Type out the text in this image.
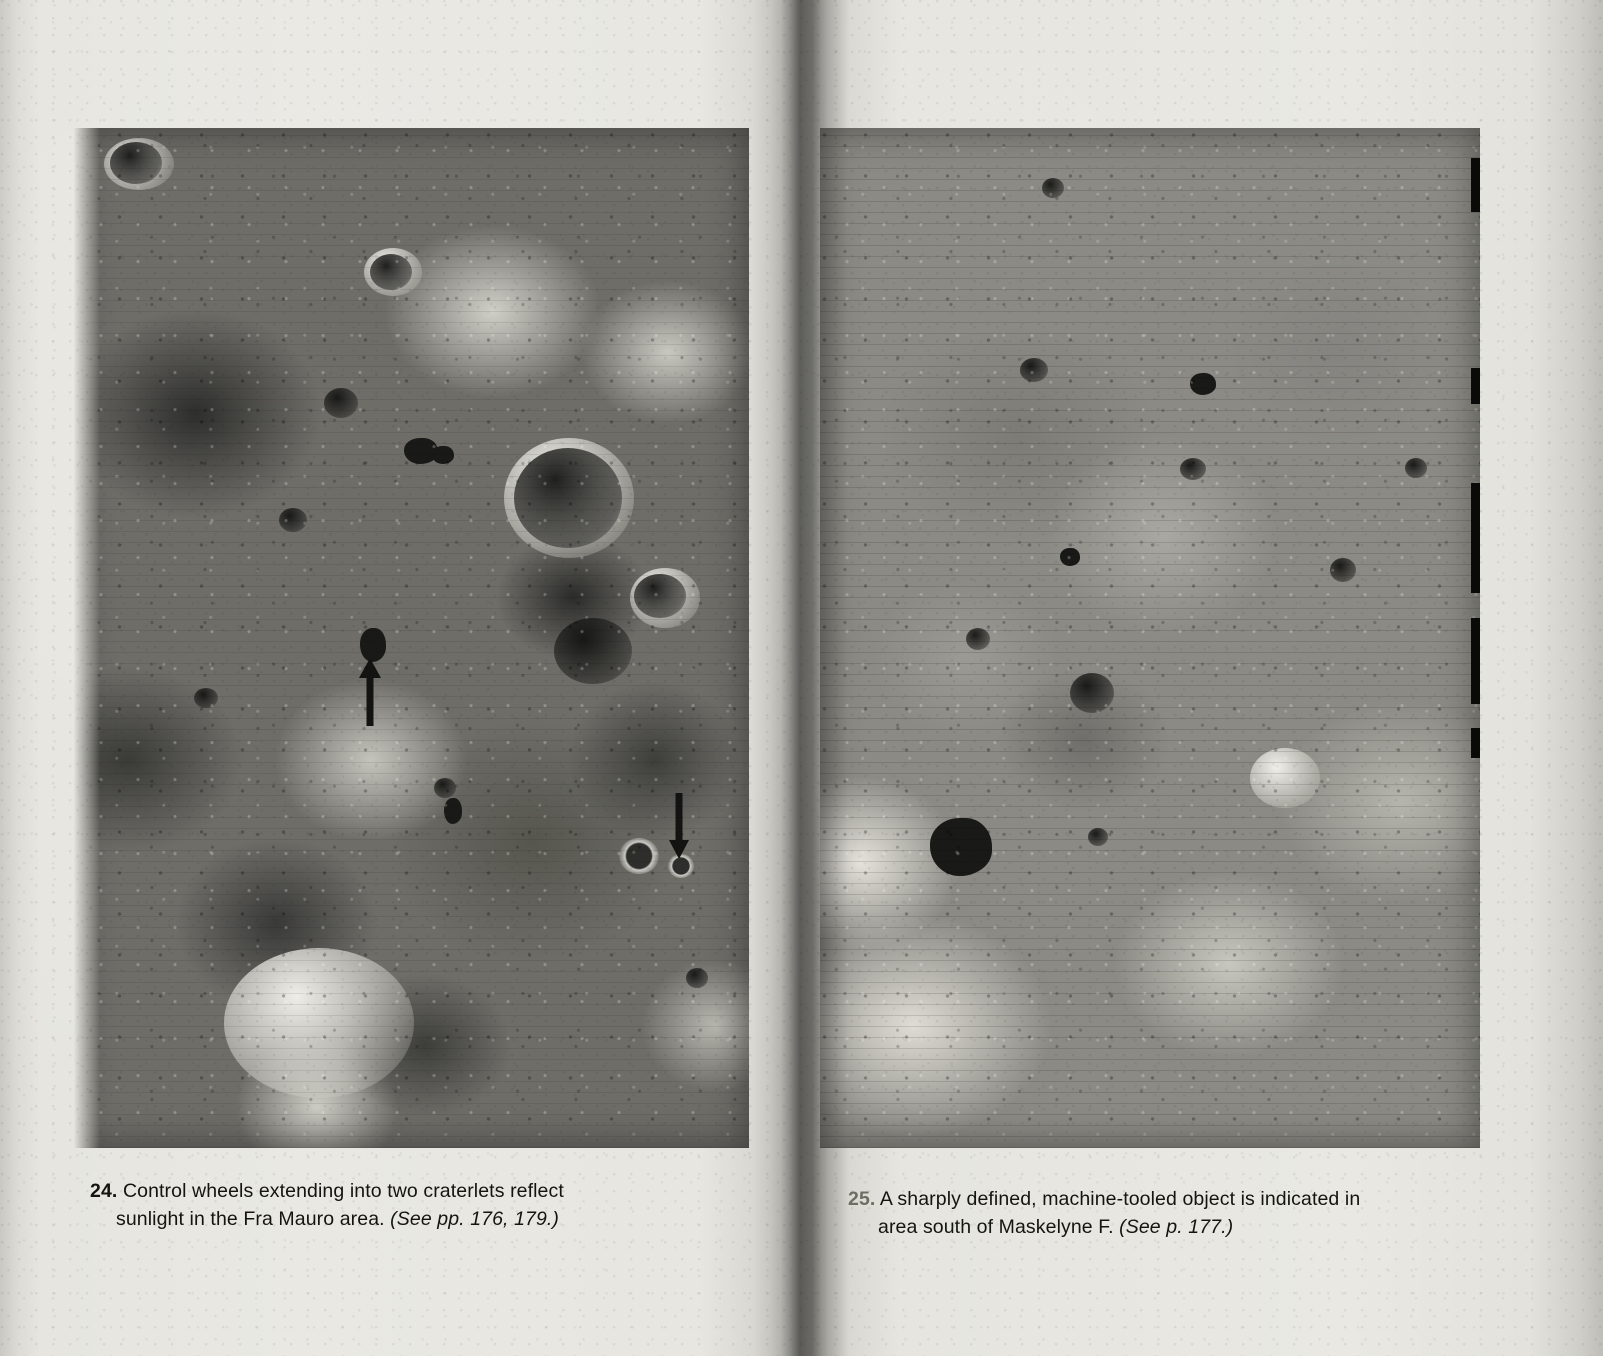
24. Control wheels extending into two craterlets reflect
sunlight in the Fra Mauro area. (See pp. 176, 179.)
25. A sharply defined, machine-tooled object is indicated in
area south of Maskelyne F. (See p. 177.)
